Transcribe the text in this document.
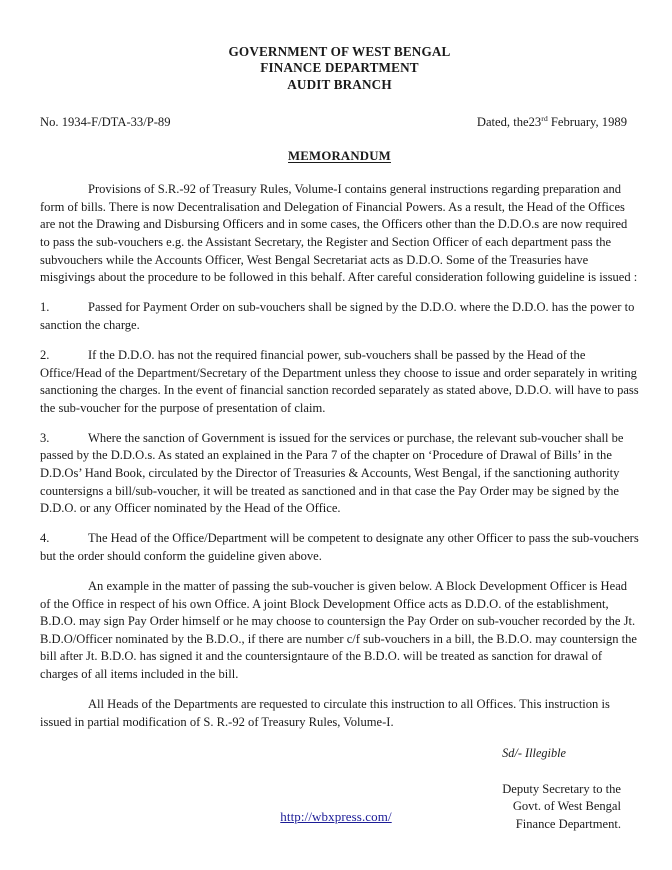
GOVERNMENT OF WEST BENGAL
FINANCE DEPARTMENT
AUDIT BRANCH
No. 1934-F/DTA-33/P-89	Dated, the23rd February, 1989
MEMORANDUM

Provisions of S.R.-92 of Treasury Rules, Volume-I contains general instructions regarding preparation and form of bills. There is now Decentralisation and Delegation of Financial Powers. As a result, the Head of the Offices are not the Drawing and Disbursing Officers and in some cases, the Officers other than the D.D.O.s are now required to pass the sub-vouchers e.g. the Assistant Secretary, the Register and Section Officer of each department pass the subvouchers while the Accounts Officer, West Bengal Secretariat acts as D.D.O. Some of the Treasuries have misgivings about the procedure to be followed in this behalf. After careful consideration following guideline is issued :

1.	Passed for Payment Order on sub-vouchers shall be signed by the D.D.O. where the D.D.O. has the power to sanction the charge.

2.	If the D.D.O. has not the required financial power, sub-vouchers shall be passed by the Head of the Office/Head of the Department/Secretary of the Department unless they choose to issue and order separately in writing sanctioning the charges. In the event of financial sanction recorded separately as stated above, D.D.O. will have to pass the sub-voucher for the purpose of presentation of claim.

3.	Where the sanction of Government is issued for the services or purchase, the relevant sub-voucher shall be passed by the D.D.O.s. As stated an explained in the Para 7 of the chapter on ‘Procedure of Drawal of Bills’ in the D.D.Os’ Hand Book, circulated by the Director of Treasuries & Accounts, West Bengal, if the sanctioning authority countersigns a bill/sub-voucher, it will be treated as sanctioned and in that case the Pay Order may be signed by the D.D.O. or any Officer nominated by the Head of the Office.

4.	The Head of the Office/Department will be competent to designate any other Officer to pass the sub-vouchers but the order should conform the guideline given above.

An example in the matter of passing the sub-voucher is given below. A Block Development Officer is Head of the Office in respect of his own Office. A joint Block Development Office acts as D.D.O. of the establishment, B.D.O. may sign Pay Order himself or he may choose to countersign the Pay Order on sub-voucher recorded by the Jt. B.D.O/Officer nominated by the B.D.O., if there are number c/f sub-vouchers in a bill, the B.D.O. may countersign the bill after Jt. B.D.O. has signed it and the countersigntaure of the B.D.O. will be treated as sanction for drawal of charges of all items included in the bill.

All Heads of the Departments are requested to circulate this instruction to all Offices. This instruction is issued in partial modification of S. R.-92 of Treasury Rules, Volume-I.

Sd/- Illegible
Deputy Secretary to the
Govt. of West Bengal
Finance Department.
http://wbxpress.com/
